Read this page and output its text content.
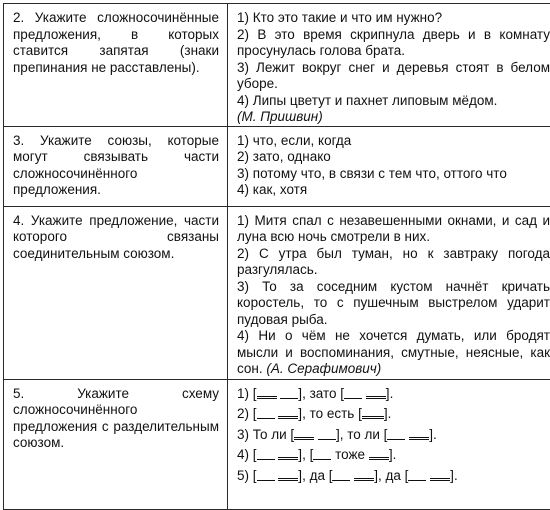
2. Укажите сложносочинённые предложения, в которых ставится запятая (знаки препинания не расставлены).	1) Кто это такие и что им нужно?

2) В это время скрипнула дверь и в комнату просунулась голова брата.

3) Лежит вокруг снег и деревья стоят в белом уборе.

4) Липы цветут и пахнет липовым мёдом.
(М. Пришвин)

3. Укажите союзы, которые могут связывать части сложносочинённого предложения.	1) что, если, когда

2) зато, однако

3) потому что, в связи с тем что, оттого что

4) как, хотя

4. Укажите предложение, части которого связаны соединительным союзом.	1) Митя спал с незавешенными окнами, и сад и луна всю ночь смотрели в них.

2) С утра был туман, но к завтраку погода разгулялась.

3) То за соседним кустом начнёт кричать коростель, то с пушечным выстрелом ударит пудовая рыба.

4) Ни о чём не хочется думать, или бродят мысли и воспоминания, смутные, неясные, как сон. (А. Серафимович)

5. Укажите схему сложносочинённого предложения с разделительным союзом.	1) [ ], зато [ ].
2) [ ], то есть [ ].
3) То ли [ ], то ли [ ].
4) [ ], [ тоже ].
5) [ ], да [ ], да [ ].
